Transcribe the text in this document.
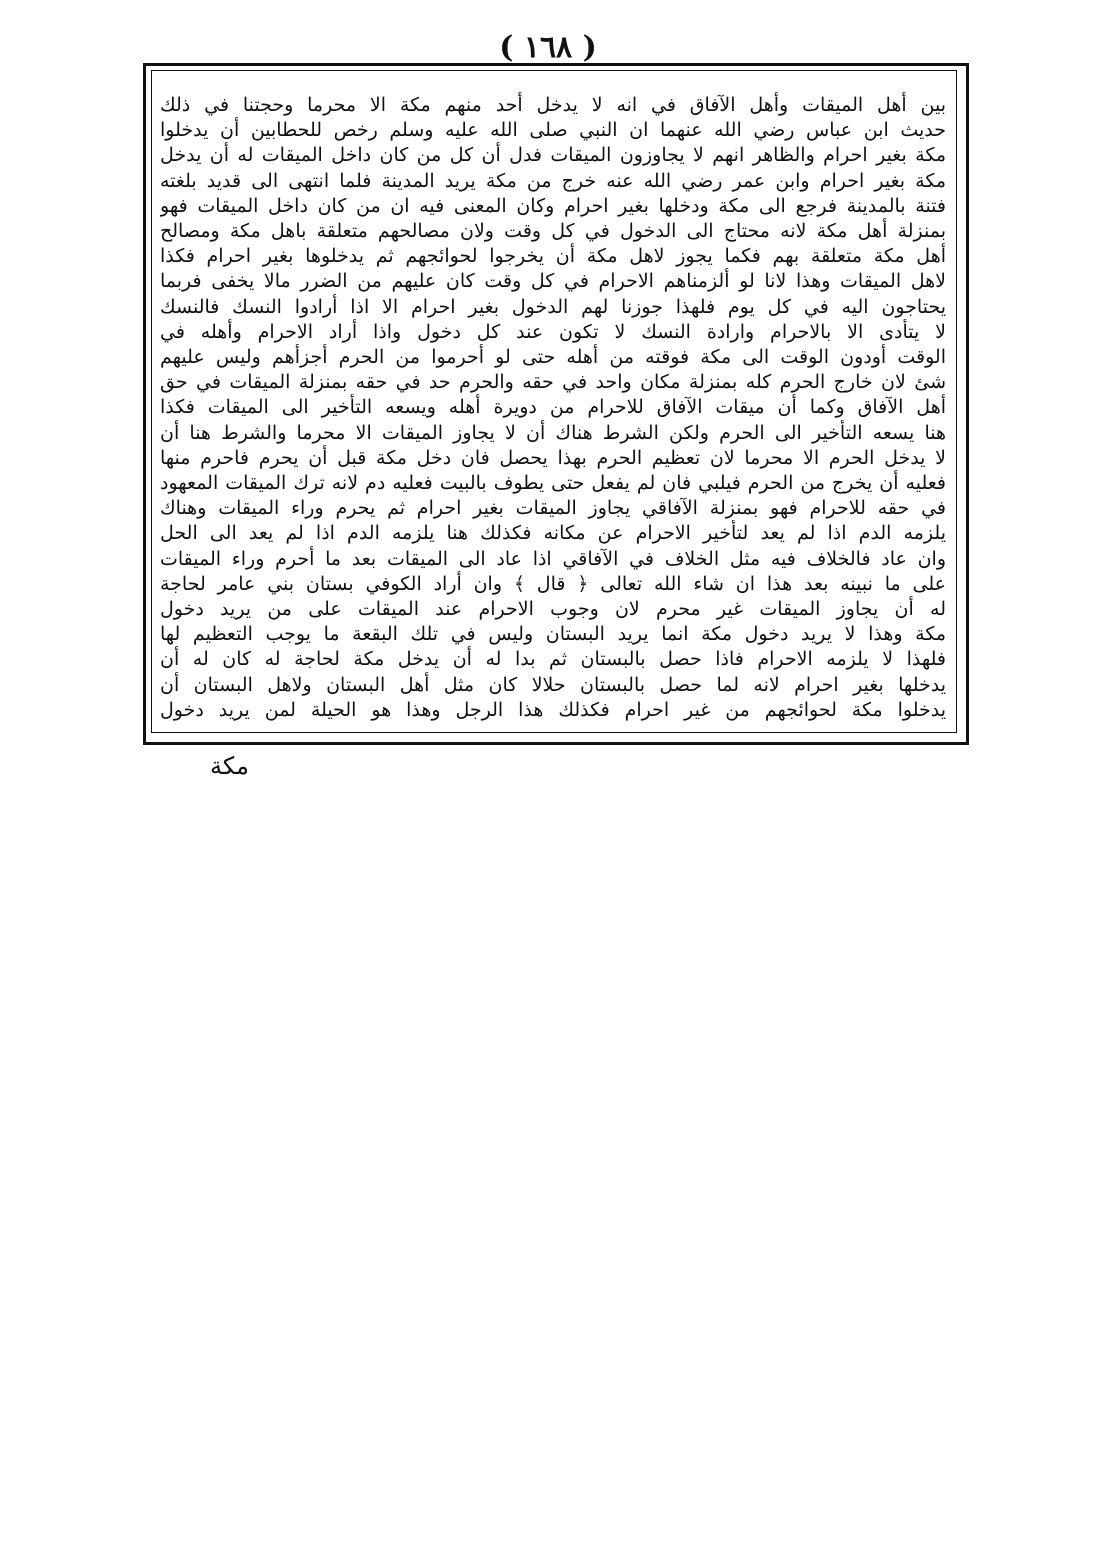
( ١٦٨ )
بين أهل الميقات وأهل الآفاق في انه لا يدخل أحد منهم مكة الا محرما وحجتنا في ذلك
حديث ابن عباس رضي الله عنهما ان النبي صلى الله عليه وسلم رخص للحطابين أن يدخلوا
مكة بغير احرام والظاهر انهم لا يجاوزون الميقات فدل أن كل من كان داخل الميقات له أن يدخل
مكة بغير احرام وابن عمر رضي الله عنه خرج من مكة يريد المدينة فلما انتهى الى قديد بلغته
فتنة بالمدينة فرجع الى مكة ودخلها بغير احرام وكان المعنى فيه ان من كان داخل الميقات فهو
بمنزلة أهل مكة لانه محتاج الى الدخول في كل وقت ولان مصالحهم متعلقة باهل مكة ومصالح
أهل مكة متعلقة بهم فكما يجوز لاهل مكة أن يخرجوا لحوائجهم ثم يدخلوها بغير احرام فكذا
لاهل الميقات وهذا لانا لو ألزمناهم الاحرام في كل وقت كان عليهم من الضرر مالا يخفى فربما
يحتاجون اليه في كل يوم فلهذا جوزنا لهم الدخول بغير احرام الا اذا أرادوا النسك فالنسك
لا يتأدى الا بالاحرام وارادة النسك لا تكون عند كل دخول واذا أراد الاحرام وأهله في
الوقت أودون الوقت الى مكة فوقته من أهله حتى لو أحرموا من الحرم أجزأهم وليس عليهم
شئ لان خارج الحرم كله بمنزلة مكان واحد في حقه والحرم حد في حقه بمنزلة الميقات في حق
أهل الآفاق وكما أن ميقات الآفاق للاحرام من دويرة أهله ويسعه التأخير الى الميقات فكذا
هنا يسعه التأخير الى الحرم ولكن الشرط هناك أن لا يجاوز الميقات الا محرما والشرط هنا أن
لا يدخل الحرم الا محرما لان تعظيم الحرم بهذا يحصل فان دخل مكة قبل أن يحرم فاحرم منها
فعليه أن يخرج من الحرم فيلبي فان لم يفعل حتى يطوف بالبيت فعليه دم لانه ترك الميقات المعهود
في حقه للاحرام فهو بمنزلة الآفاقي يجاوز الميقات بغير احرام ثم يحرم وراء الميقات وهناك
يلزمه الدم اذا لم يعد لتأخير الاحرام عن مكانه فكذلك هنا يلزمه الدم اذا لم يعد الى الحل
وان عاد فالخلاف فيه مثل الخلاف في الآفاقي اذا عاد الى الميقات بعد ما أحرم وراء الميقات
على ما نبينه بعد هذا ان شاء الله تعالى ﴿ قال ﴾ وان أراد الكوفي بستان بني عامر لحاجة
له أن يجاوز الميقات غير محرم لان وجوب الاحرام عند الميقات على من يريد دخول
مكة وهذا لا يريد دخول مكة انما يريد البستان وليس في تلك البقعة ما يوجب التعظيم لها
فلهذا لا يلزمه الاحرام فاذا حصل بالبستان ثم بدا له أن يدخل مكة لحاجة له كان له أن
يدخلها بغير احرام لانه لما حصل بالبستان حلالا كان مثل أهل البستان ولاهل البستان أن
يدخلوا مكة لحوائجهم من غير احرام فكذلك هذا الرجل وهذا هو الحيلة لمن يريد دخول
مكة
